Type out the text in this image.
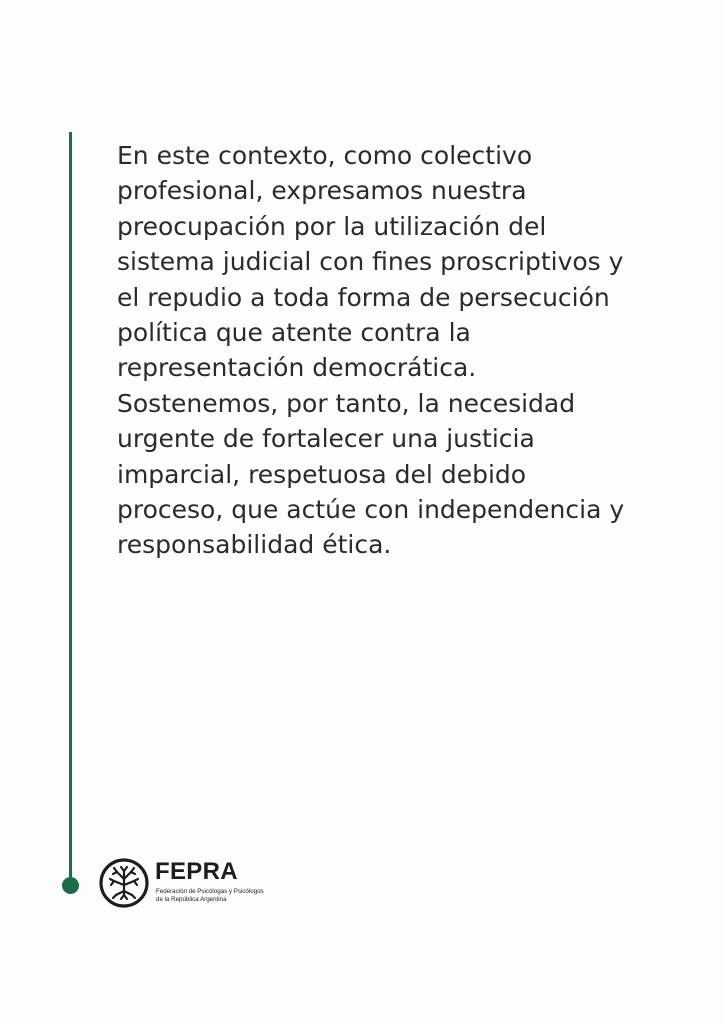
En este contexto, como colectivo
profesional, expresamos nuestra
preocupación por la utilización del
sistema judicial con fines proscriptivos y
el repudio a toda forma de persecución
política que atente contra la
representación democrática.
Sostenemos, por tanto, la necesidad
urgente de fortalecer una justicia
imparcial, respetuosa del debido
proceso, que actúe con independencia y
responsabilidad ética.

FEPRA
Federación de Psicólogas y Psicólogos
de la República Argentina
